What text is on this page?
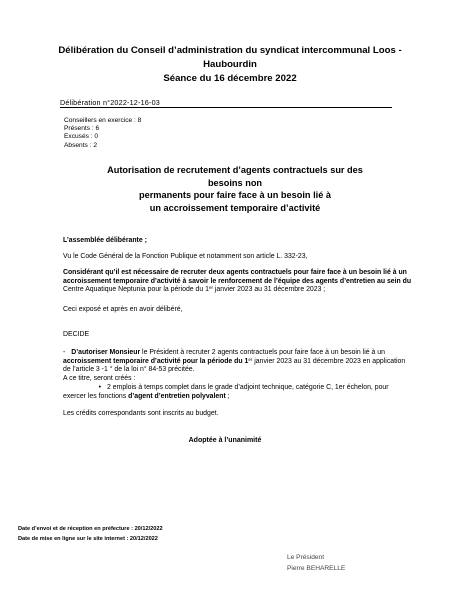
Délibération du Conseil d’administration du syndicat intercommunal Loos -
Haubourdin
Séance du 16 décembre 2022
Délibération n°2022-12-16-03
Conseillers en exercice : 8
Présents : 6
Excusés : 0
Absents : 2
Autorisation de recrutement d’agents contractuels sur des besoins non
permanents pour faire face à un besoin lié à
un accroissement temporaire d’activité
L’assemblée délibérante ;
Vu le Code Général de la Fonction Publique et notamment son article L. 332-23,
Considérant qu’il est nécessaire de recruter deux agents contractuels pour faire face à un besoin lié à un accroissement temporaire d’activité à savoir le renforcement de l’équipe des agents d’entretien au sein du
Centre Aquatique Neptunia pour la période du 1er janvier 2023 au 31 décembre 2023 ;
Ceci exposé et après en avoir délibéré,
DECIDE
- D’autoriser Monsieur le Président à recruter 2 agents contractuels pour faire face à un besoin lié à un
accroissement temporaire d’activité pour la période du 1er janvier 2023 au 31 décembre 2023 en application
de l’article 3 -1 ° de la loi n° 84-53 précitée.
A ce titre, seront créés :
• 2 emplois à temps complet dans le grade d’adjoint technique, catégorie C, 1er échelon, pour
exercer les fonctions d’agent d’entretien polyvalent ;
Les crédits correspondants sont inscrits au budget.
Adoptée à l’unanimité
Date d’envoi et de réception en préfecture : 20/12/2022
Date de mise en ligne sur le site internet : 20/12/2022
Le Président
Pierre BEHARELLE
